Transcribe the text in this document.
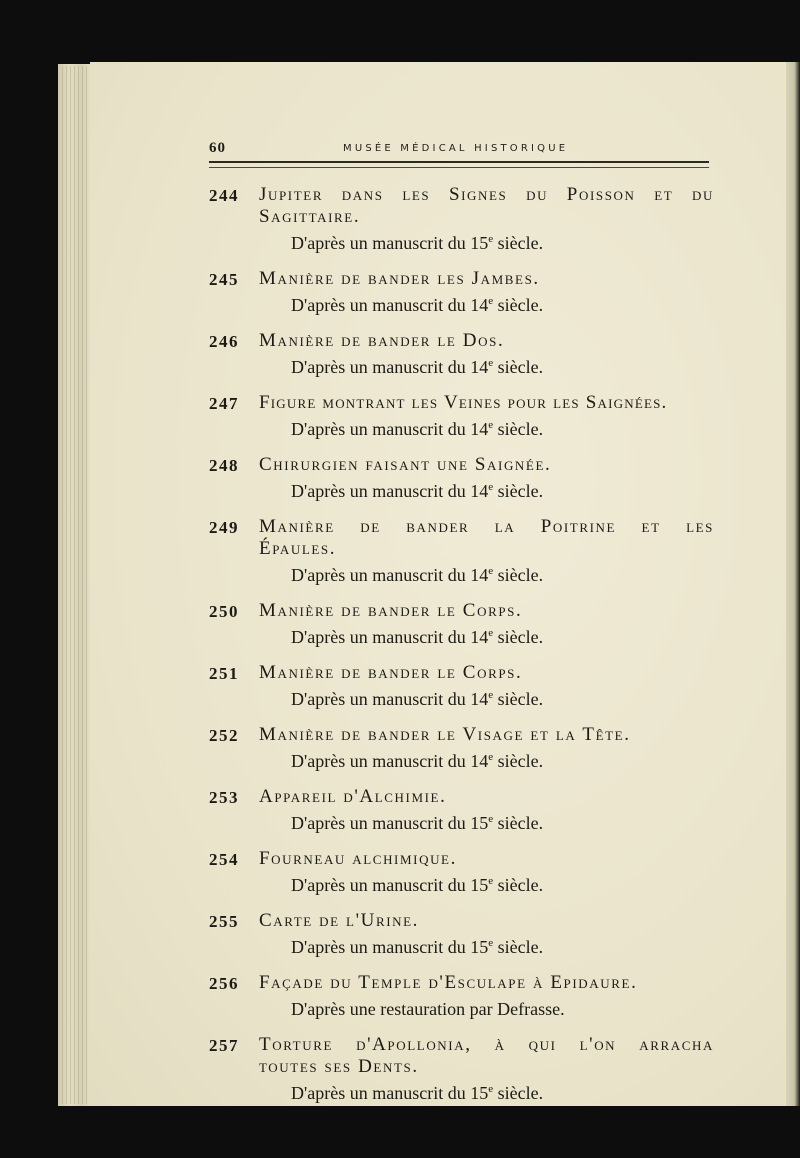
60	MUSÉE MÉDICAL HISTORIQUE
244 Jupiter dans les Signes du Poisson et du
Sagittaire.
D'après un manuscrit du 15e siècle.
245 Manière de bander les Jambes.
D'après un manuscrit du 14e siècle.
246 Manière de bander le Dos.
D'après un manuscrit du 14e siècle.
247 Figure montrant les Veines pour les Saignées.
D'après un manuscrit du 14e siècle.
248 Chirurgien faisant une Saignée.
D'après un manuscrit du 14e siècle.
249 Manière de bander la Poitrine et les
Épaules.
D'après un manuscrit du 14e siècle.
250 Manière de bander le Corps.
D'après un manuscrit du 14e siècle.
251 Manière de bander le Corps.
D'après un manuscrit du 14e siècle.
252 Manière de bander le Visage et la Tête.
D'après un manuscrit du 14e siècle.
253 Appareil d'Alchimie.
D'après un manuscrit du 15e siècle.
254 Fourneau alchimique.
D'après un manuscrit du 15e siècle.
255 Carte de l'Urine.
D'après un manuscrit du 15e siècle.
256 Façade du Temple d'Esculape à Epidaure.
D'après une restauration par Defrasse.
257 Torture d'Apollonia, à qui l'on arracha
toutes ses Dents.
D'après un manuscrit du 15e siècle.
